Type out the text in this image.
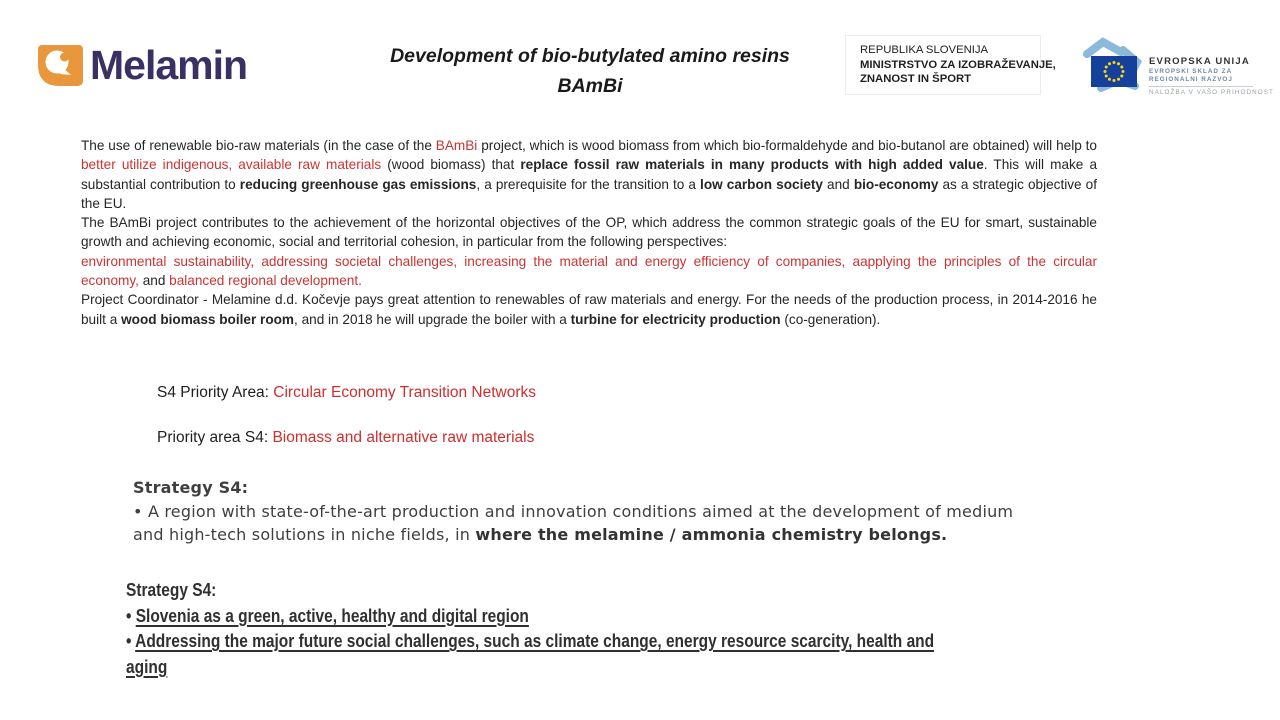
Melamin	Development of bio-butylated amino resins
BAmBi
REPUBLIKA SLOVENIJA
MINISTRSTVO ZA IZOBRAŽEVANJE,
ZNANOST IN ŠPORT
EVROPSKA UNIJA
EVROPSKI SKLAD ZA
REGIONALNI RAZVOJ
NALOŽBA V VAŠO PRIHODNOST
The use of renewable bio-raw materials (in the case of the BAmBi project, which is wood biomass from which bio-formaldehyde and bio-butanol are obtained) will help to better utilize indigenous, available raw materials (wood biomass) that replace fossil raw materials in many products with high added value. This will make a substantial contribution to reducing greenhouse gas emissions, a prerequisite for the transition to a low carbon society and bio-economy as a strategic objective of the EU.
The BAmBi project contributes to the achievement of the horizontal objectives of the OP, which address the common strategic goals of the EU for smart, sustainable growth and achieving economic, social and territorial cohesion, in particular from the following perspectives:
environmental sustainability, addressing societal challenges, increasing the material and energy efficiency of companies, aapplying the principles of the circular economy, and balanced regional development.
Project Coordinator - Melamine d.d. Kočevje pays great attention to renewables of raw materials and energy. For the needs of the production process, in 2014-2016 he built a wood biomass boiler room, and in 2018 he will upgrade the boiler with a turbine for electricity production (co-generation).
S4 Priority Area: Circular Economy Transition Networks
Priority area S4: Biomass and alternative raw materials
Strategy S4:
• A region with state-of-the-art production and innovation conditions aimed at the development of medium and high-tech solutions in niche fields, in where the melamine / ammonia chemistry belongs.
Strategy S4:
• Slovenia as a green, active, healthy and digital region
• Addressing the major future social challenges, such as climate change, energy resource scarcity, health and aging
